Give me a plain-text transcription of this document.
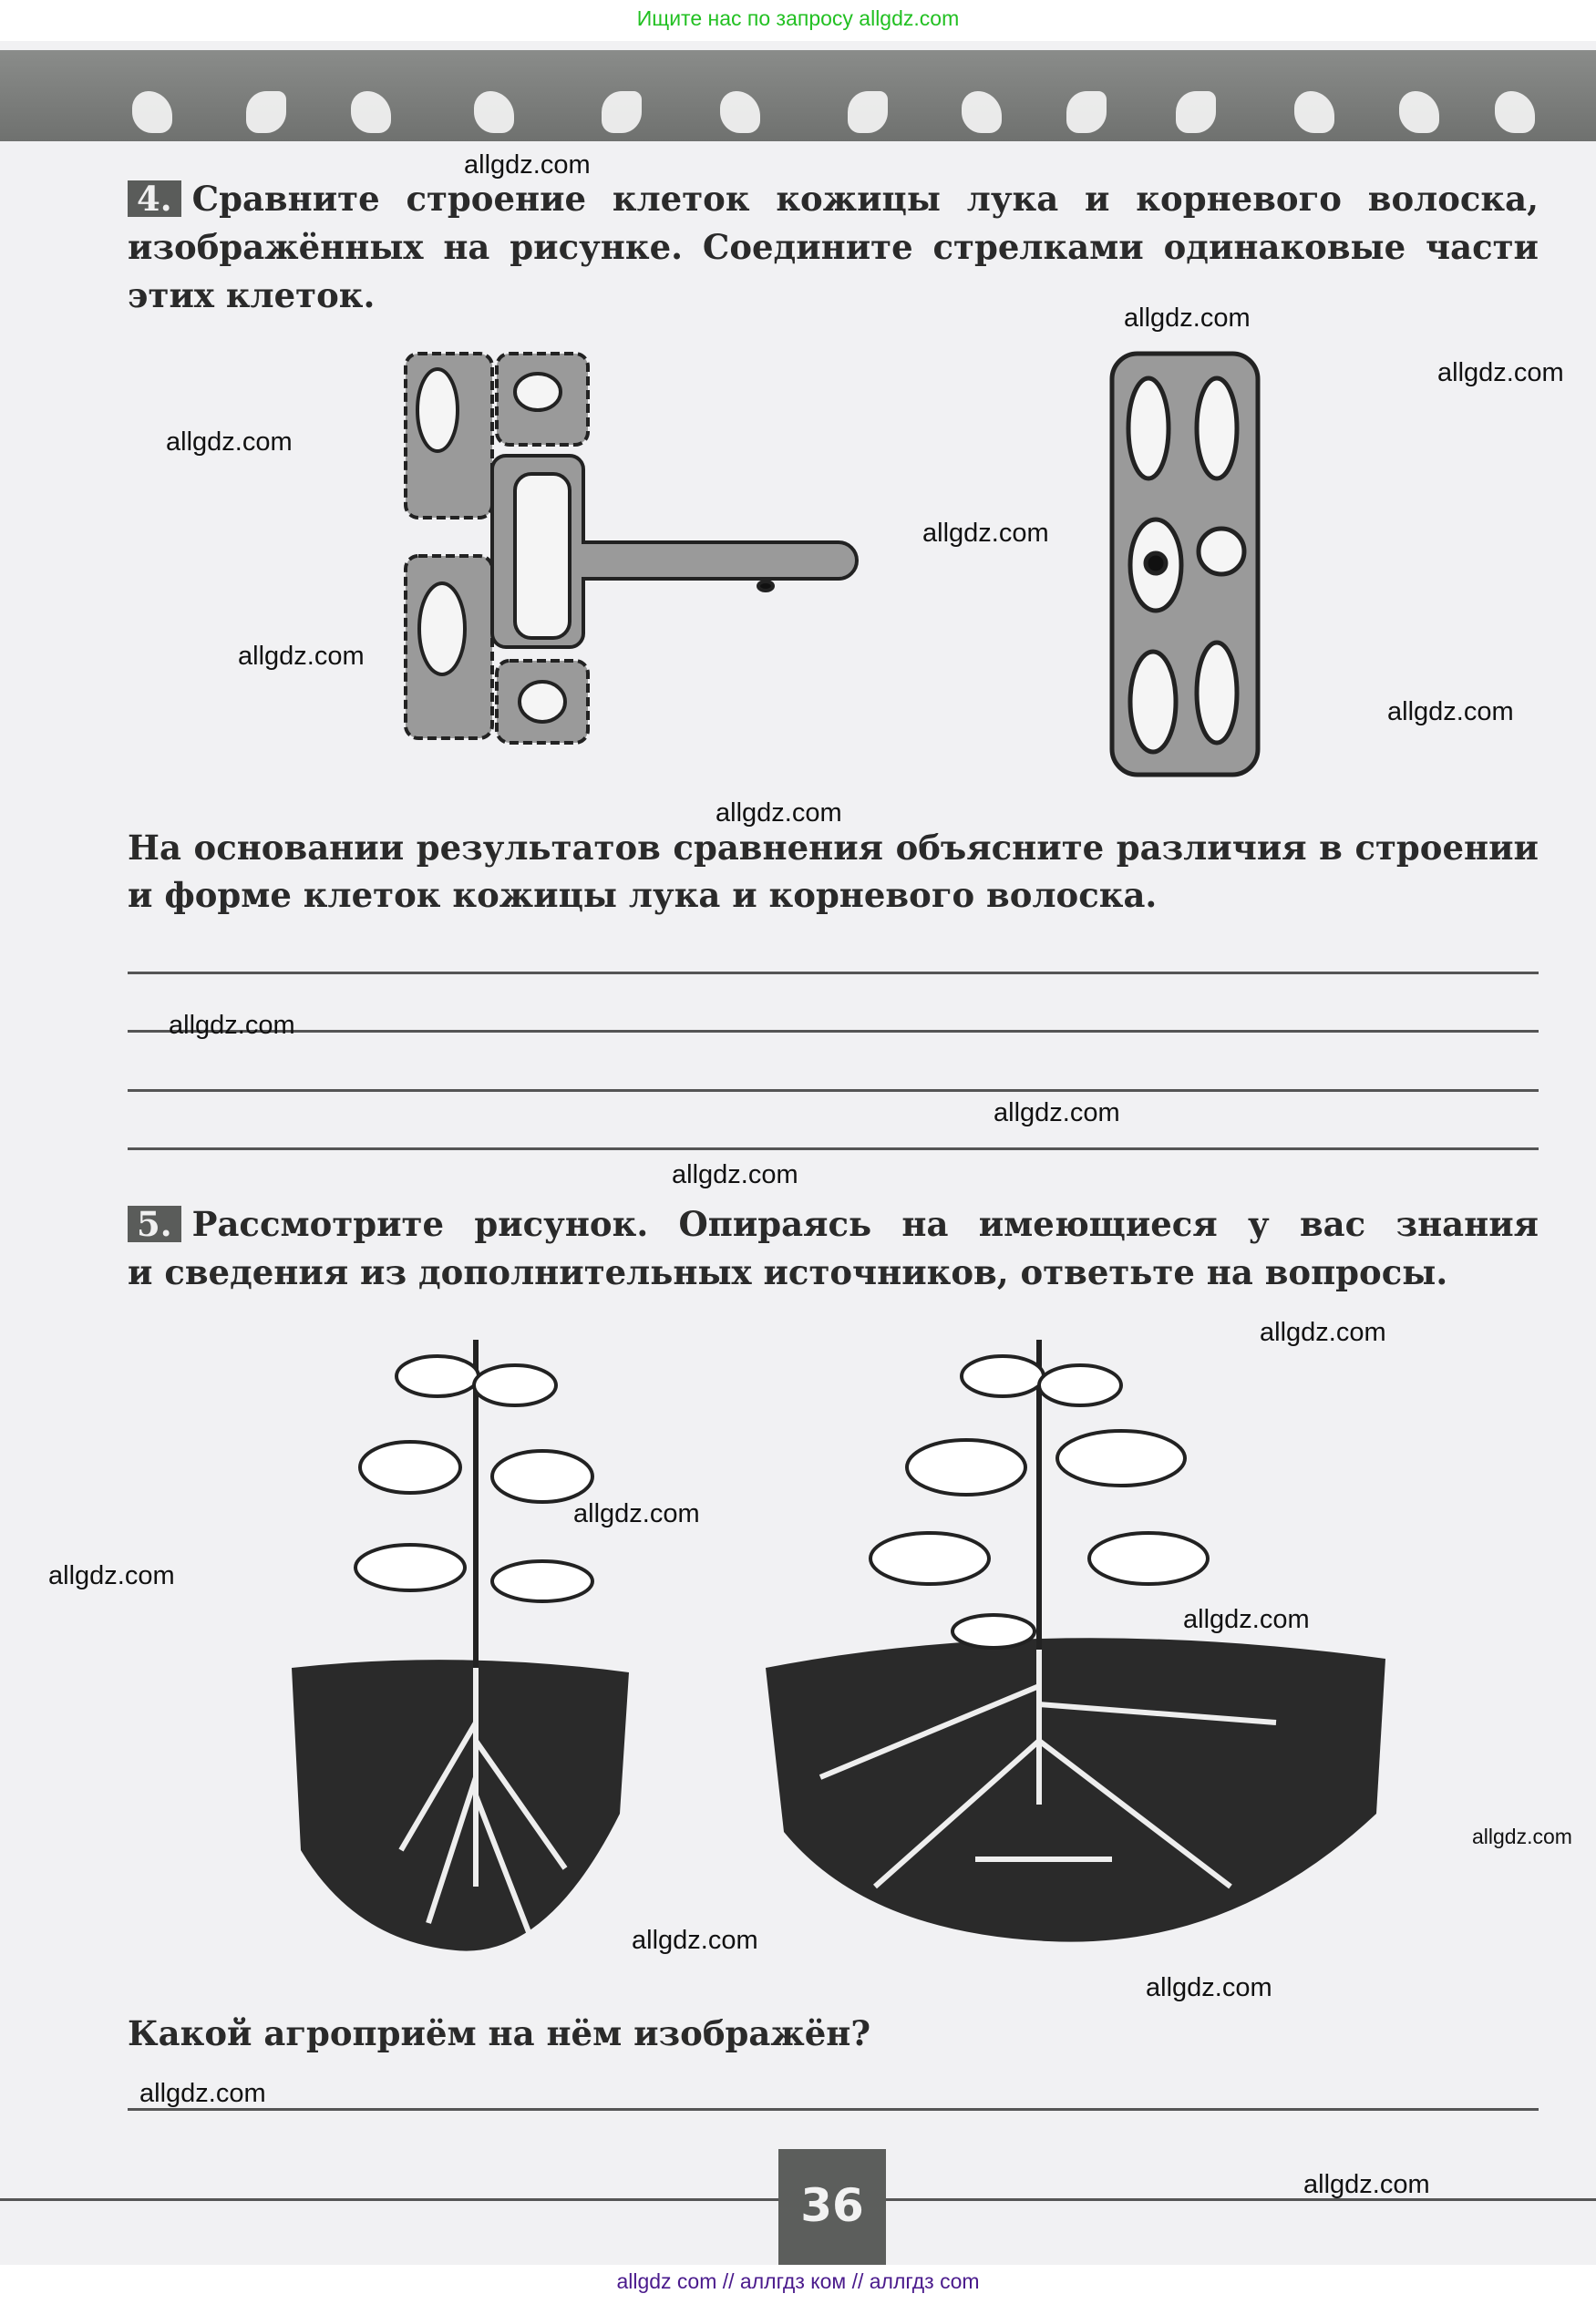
Ищите нас по запросу allgdz.com
4. Сравните строение клеток кожицы лука и корневого волоска,
изображённых на рисунке. Соедините стрелками одинаковые части
этих клеток.
На основании результатов сравнения объясните различия в строении
и форме клеток кожицы лука и корневого волоска.
5. Рассмотрите рисунок. Опираясь на имеющиеся у вас знания
и сведения из дополнительных источников, ответьте на вопросы.
Какой агроприём на нём изображён?
36
allgdz.com
allgdz.com
allgdz.com
allgdz.com
allgdz.com
allgdz.com
allgdz.com
allgdz.com
allgdz.com
allgdz.com
allgdz.com
allgdz.com
allgdz.com
allgdz.com
allgdz.com
allgdz.com
allgdz.com
allgdz.com
allgdz.com
allgdz.com
allgdz com // аллгдз ком // аллгдз com
